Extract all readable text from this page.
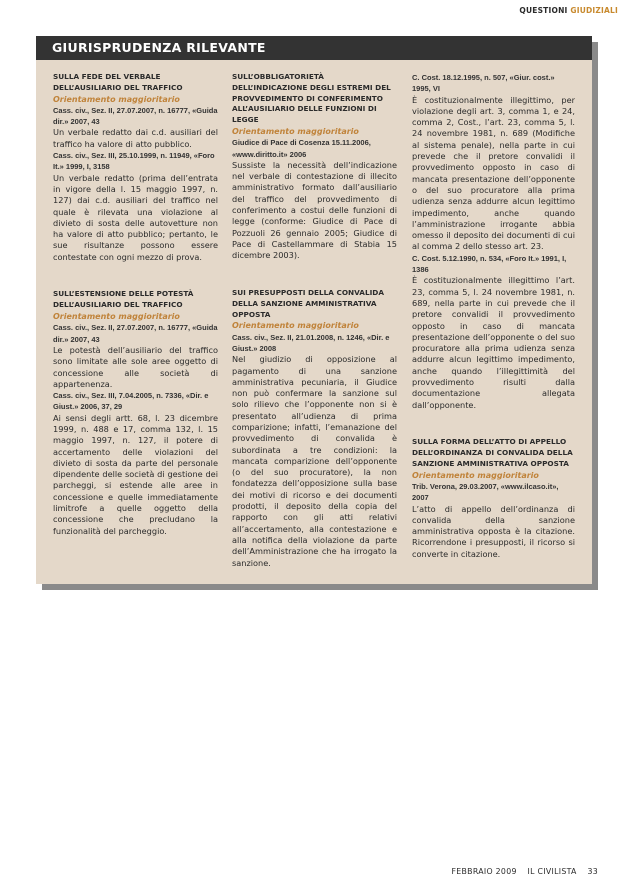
QUESTIONI GIUDIZIALI
GIURISPRUDENZA RILEVANTE

SULLA FEDE DEL VERBALE DELL’AUSILIARIO DEL TRAFFICO

Orientamento maggioritario

Cass. civ., Sez. II, 27.07.2007, n. 16777, «Guida dir.» 2007, 43

Un verbale redatto dai c.d. ausiliari del traffico ha valore di atto pubblico.

Cass. civ., Sez. III, 25.10.1999, n. 11949, «Foro It.» 1999, I, 3158

Un verbale redatto (prima dell’entrata in vigore della l. 15 maggio 1997, n. 127) dai c.d. ausiliari del traffico nel quale è rilevata una violazione al divieto di sosta delle autovetture non ha valore di atto pubblico; pertanto, le sue risultanze possono essere contestate con ogni mezzo di prova.

SULL’ESTENSIONE DELLE POTESTÀ DELL’AUSILIARIO DEL TRAFFICO

Orientamento maggioritario

Cass. civ., Sez. II, 27.07.2007, n. 16777, «Guida dir.» 2007, 43

Le potestà dell’ausiliario del traffico sono limitate alle sole aree oggetto di concessione alle società di appartenenza.

Cass. civ., Sez. III, 7.04.2005, n. 7336, «Dir. e Giust.» 2006, 37, 29

Ai sensi degli artt. 68, l. 23 dicembre 1999, n. 488 e 17, comma 132, l. 15 maggio 1997, n. 127, il potere di accertamento delle violazioni del divieto di sosta da parte del personale dipendente delle società di gestione dei parcheggi, si estende alle aree in concessione e quelle immediatamente limitrofe a quelle oggetto della concessione che precludano la funzionalità del parcheggio.

SULL’OBBLIGATORIETÀ DELL’INDICAZIONE DEGLI ESTREMI DEL PROVVEDIMENTO DI CONFERIMENTO ALL’AUSILIARIO DELLE FUNZIONI DI LEGGE

Orientamento maggioritario

Giudice di Pace di Cosenza 15.11.2006, «www.diritto.it» 2006

Sussiste la necessità dell’indicazione nel verbale di contestazione di illecito amministrativo formato dall’ausiliario del traffico del provvedimento di conferimento a costui delle funzioni di legge (conforme: Giudice di Pace di Pozzuoli 26 gennaio 2005; Giudice di Pace di Castellammare di Stabia 15 dicembre 2003).

SUI PRESUPPOSTI DELLA CONVALIDA DELLA SANZIONE AMMINISTRATIVA OPPOSTA

Orientamento maggioritario

Cass. civ., Sez. II, 21.01.2008, n. 1246, «Dir. e Giust.» 2008

Nel giudizio di opposizione al pagamento di una sanzione amministrativa pecuniaria, il Giudice non può confermare la sanzione sul solo rilievo che l’opponente non si è presentato all’udienza di prima comparizione; infatti, l’emanazione del provvedimento di convalida è subordinata a tre condizioni: la mancata comparizione dell’opponente (o del suo procuratore), la non fondatezza dell’opposizione sulla base dei motivi di ricorso e dei documenti prodotti, il deposito della copia del rapporto con gli atti relativi all’accertamento, alla contestazione e alla notifica della violazione da parte dell’Amministrazione che ha irrogato la sanzione.

C. Cost. 18.12.1995, n. 507, «Giur. cost.» 1995, VI

È costituzionalmente illegittimo, per violazione degli art. 3, comma 1, e 24, comma 2, Cost., l’art. 23, comma 5, l. 24 novembre 1981, n. 689 (Modifiche al sistema penale), nella parte in cui prevede che il pretore convalidi il provvedimento opposto in caso di mancata presentazione dell’opponente o del suo procuratore alla prima udienza senza addurre alcun legittimo impedimento, anche quando l’amministrazione irrogante abbia omesso il deposito dei documenti di cui al comma 2 dello stesso art. 23.

C. Cost. 5.12.1990, n. 534, «Foro It.» 1991, I, 1386

È costituzionalmente illegittimo l’art. 23, comma 5, l. 24 novembre 1981, n. 689, nella parte in cui prevede che il pretore convalidi il provvedimento opposto in caso di mancata presentazione dell’opponente o del suo procuratore alla prima udienza senza addurre alcun legittimo impedimento, anche quando l’illegittimità del provvedimento risulti dalla documentazione allegata dall’opponente.

SULLA FORMA DELL’ATTO DI APPELLO DELL’ORDINANZA DI CONVALIDA DELLA SANZIONE AMMINISTRATIVA OPPOSTA

Orientamento maggioritario

Trib. Verona, 29.03.2007, «www.ilcaso.it», 2007

L’atto di appello dell’ordinanza di convalida della sanzione amministrativa opposta è la citazione. Ricorrendone i presupposti, il ricorso si converte in citazione.

FEBBRAIO 2009 IL CIVILISTA 33
